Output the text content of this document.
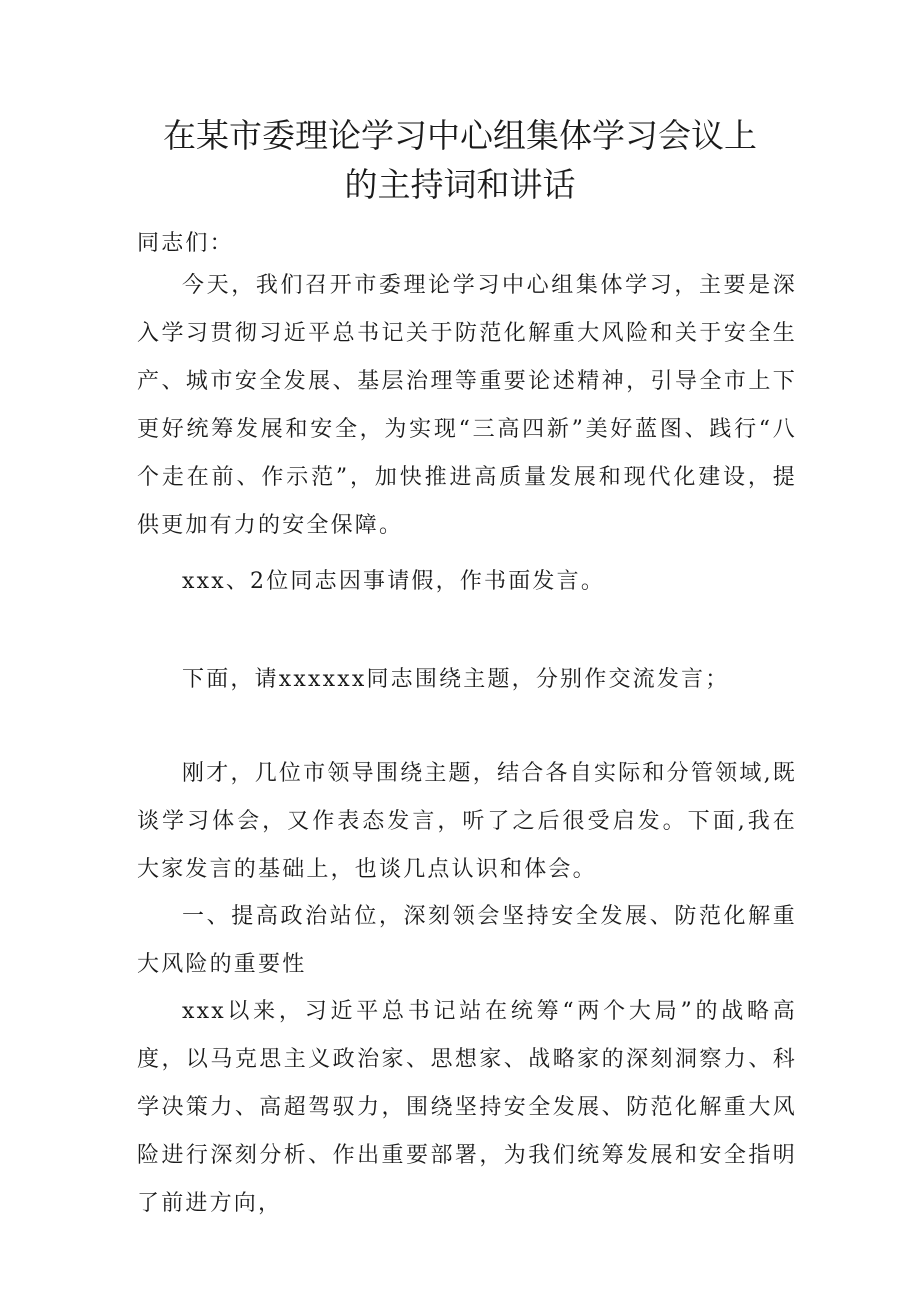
在某市委理论学习中心组集体学习会议上
的主持词和讲话

同志们：

今天，我们召开市委理论学习中心组集体学习，主要是深入学习贯彻习近平总书记关于防范化解重大风险和关于安全生产、城市安全发展、基层治理等重要论述精神，引导全市上下更好统筹发展和安全，为实现“三高四新”美好蓝图、践行“八个走在前、作示范”，加快推进高质量发展和现代化建设，提供更加有力的安全保障。

xxx、2位同志因事请假，作书面发言。

下面，请xxxxxx同志围绕主题，分别作交流发言；

刚才，几位市领导围绕主题，结合各自实际和分管领域,既谈学习体会，又作表态发言，听了之后很受启发。下面,我在大家发言的基础上，也谈几点认识和体会。

一、提高政治站位，深刻领会坚持安全发展、防范化解重大风险的重要性

xxx以来，习近平总书记站在统筹“两个大局”的战略高度，以马克思主义政治家、思想家、战略家的深刻洞察力、科学决策力、高超驾驭力，围绕坚持安全发展、防范化解重大风险进行深刻分析、作出重要部署，为我们统筹发展和安全指明了前进方向，
